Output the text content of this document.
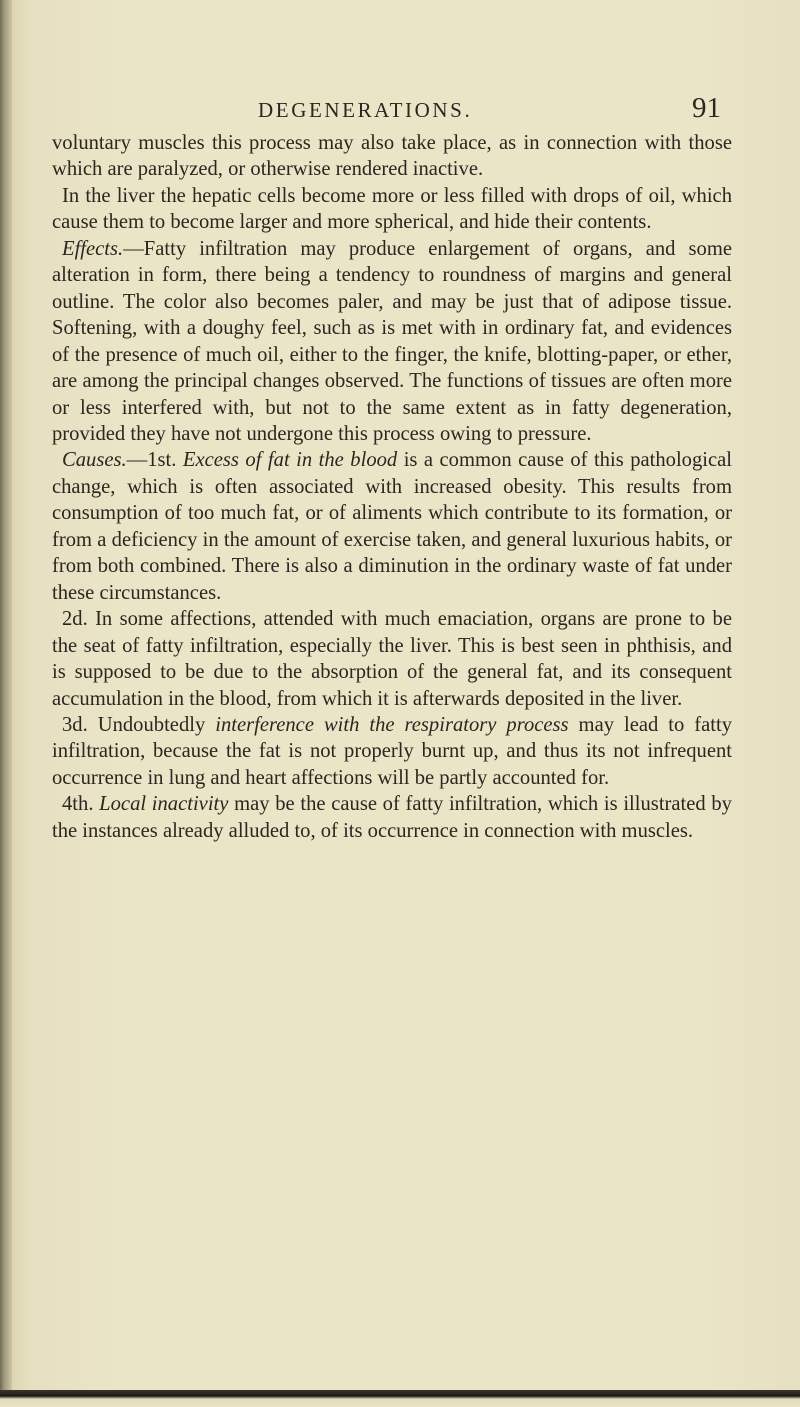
DEGENERATIONS.	91

voluntary muscles this process may also take place, as in connection with those which are paralyzed, or otherwise rendered inactive.

In the liver the hepatic cells become more or less filled with drops of oil, which cause them to become larger and more spherical, and hide their contents.

Effects.—Fatty infiltration may produce enlargement of organs, and some alteration in form, there being a tendency to roundness of margins and general outline. The color also becomes paler, and may be just that of adipose tissue. Softening, with a doughy feel, such as is met with in ordinary fat, and evidences of the presence of much oil, either to the finger, the knife, blotting-paper, or ether, are among the principal changes observed. The functions of tissues are often more or less interfered with, but not to the same extent as in fatty degeneration, provided they have not undergone this process owing to pressure.

Causes.—1st. Excess of fat in the blood is a common cause of this pathological change, which is often associated with increased obesity. This results from consumption of too much fat, or of aliments which contribute to its formation, or from a deficiency in the amount of exercise taken, and general luxurious habits, or from both combined. There is also a diminution in the ordinary waste of fat under these circumstances.

2d. In some affections, attended with much emaciation, organs are prone to be the seat of fatty infiltration, especially the liver. This is best seen in phthisis, and is supposed to be due to the absorption of the general fat, and its consequent accumulation in the blood, from which it is afterwards deposited in the liver.

3d. Undoubtedly interference with the respiratory process may lead to fatty infiltration, because the fat is not properly burnt up, and thus its not infrequent occurrence in lung and heart affections will be partly accounted for.

4th. Local inactivity may be the cause of fatty infiltration, which is illustrated by the instances already alluded to, of its occurrence in connection with muscles.
